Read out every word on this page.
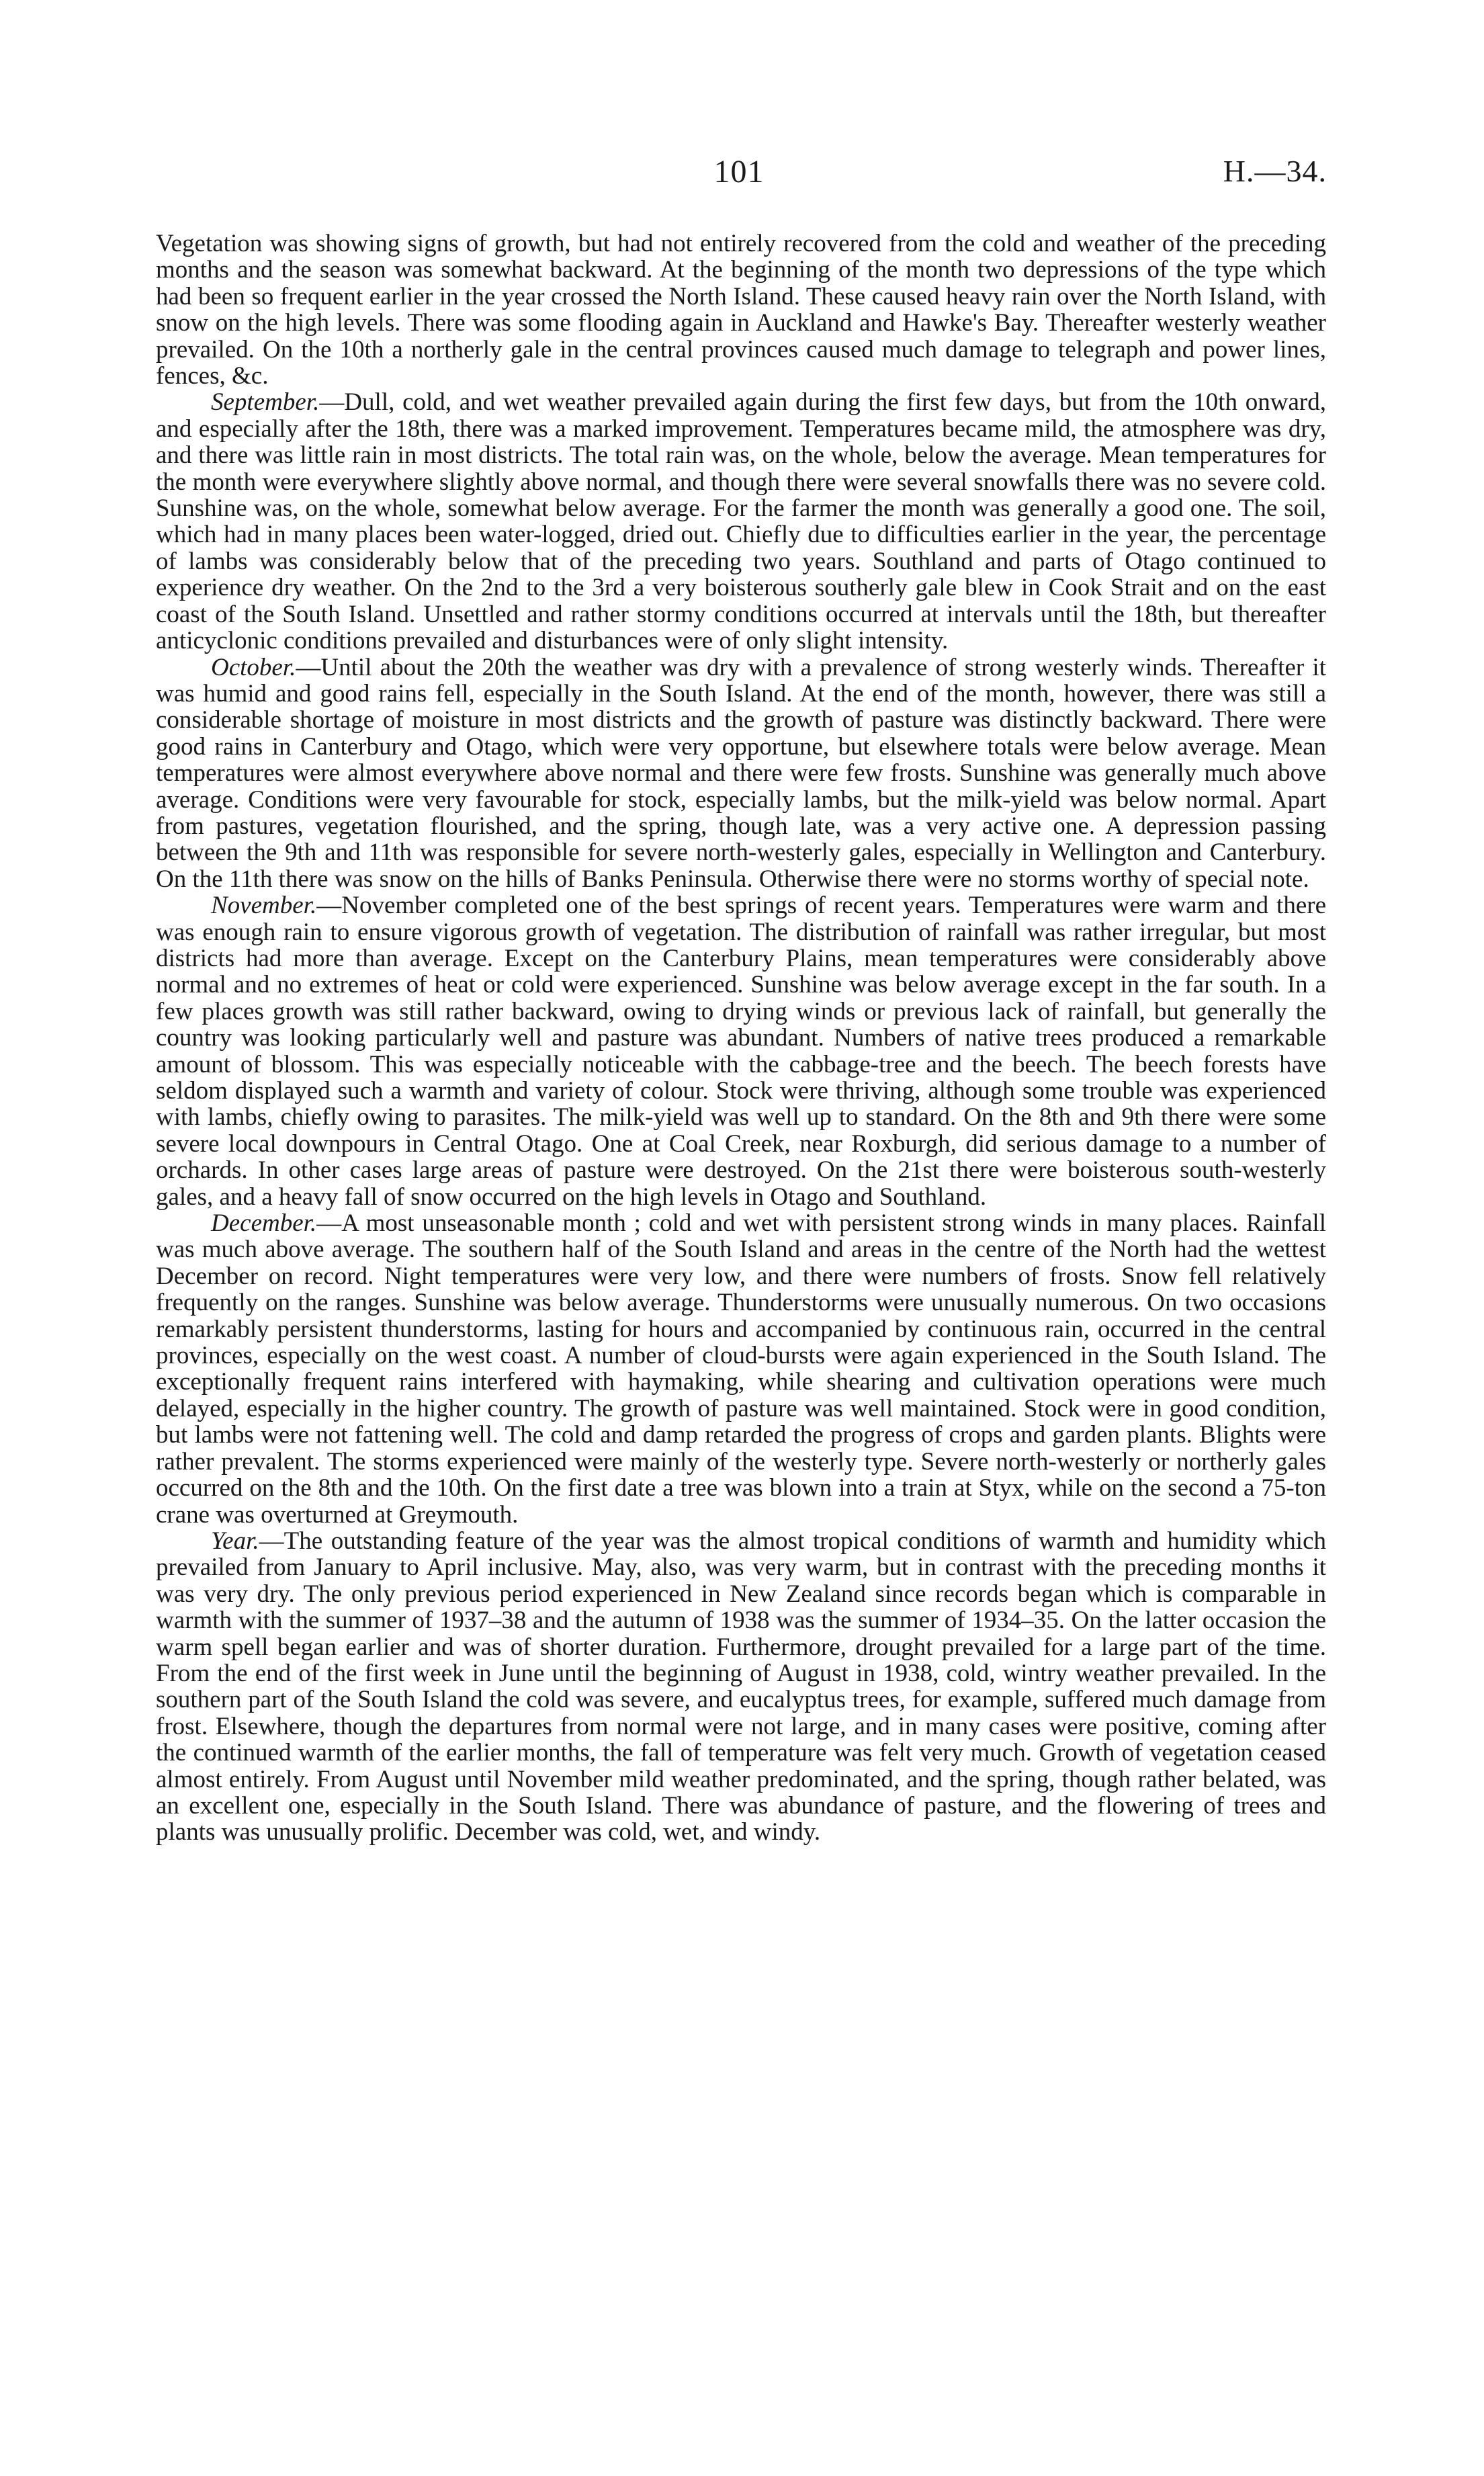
101	H.—34.

Vegetation was showing signs of growth, but had not entirely recovered from the cold and weather of the preceding months and the season was somewhat backward. At the beginning of the month two depressions of the type which had been so frequent earlier in the year crossed the North Island. These caused heavy rain over the North Island, with snow on the high levels. There was some flooding again in Auckland and Hawke's Bay. Thereafter westerly weather prevailed. On the 10th a northerly gale in the central provinces caused much damage to telegraph and power lines, fences, &c.

September.—Dull, cold, and wet weather prevailed again during the first few days, but from the 10th onward, and especially after the 18th, there was a marked improvement. Temperatures became mild, the atmosphere was dry, and there was little rain in most districts. The total rain was, on the whole, below the average. Mean temperatures for the month were everywhere slightly above normal, and though there were several snowfalls there was no severe cold. Sunshine was, on the whole, somewhat below average. For the farmer the month was generally a good one. The soil, which had in many places been water-logged, dried out. Chiefly due to difficulties earlier in the year, the percentage of lambs was considerably below that of the preceding two years. Southland and parts of Otago continued to experience dry weather. On the 2nd to the 3rd a very boisterous southerly gale blew in Cook Strait and on the east coast of the South Island. Unsettled and rather stormy conditions occurred at intervals until the 18th, but thereafter anticyclonic conditions prevailed and disturbances were of only slight intensity.

October.—Until about the 20th the weather was dry with a prevalence of strong westerly winds. Thereafter it was humid and good rains fell, especially in the South Island. At the end of the month, however, there was still a considerable shortage of moisture in most districts and the growth of pasture was distinctly backward. There were good rains in Canterbury and Otago, which were very opportune, but elsewhere totals were below average. Mean temperatures were almost everywhere above normal and there were few frosts. Sunshine was generally much above average. Conditions were very favourable for stock, especially lambs, but the milk-yield was below normal. Apart from pastures, vegetation flourished, and the spring, though late, was a very active one. A depression passing between the 9th and 11th was responsible for severe north-westerly gales, especially in Wellington and Canterbury. On the 11th there was snow on the hills of Banks Peninsula. Otherwise there were no storms worthy of special note.

November.—November completed one of the best springs of recent years. Temperatures were warm and there was enough rain to ensure vigorous growth of vegetation. The distribution of rainfall was rather irregular, but most districts had more than average. Except on the Canterbury Plains, mean temperatures were considerably above normal and no extremes of heat or cold were experienced. Sunshine was below average except in the far south. In a few places growth was still rather backward, owing to drying winds or previous lack of rainfall, but generally the country was looking particularly well and pasture was abundant. Numbers of native trees produced a remarkable amount of blossom. This was especially noticeable with the cabbage-tree and the beech. The beech forests have seldom displayed such a warmth and variety of colour. Stock were thriving, although some trouble was experienced with lambs, chiefly owing to parasites. The milk-yield was well up to standard. On the 8th and 9th there were some severe local downpours in Central Otago. One at Coal Creek, near Roxburgh, did serious damage to a number of orchards. In other cases large areas of pasture were destroyed. On the 21st there were boisterous south-westerly gales, and a heavy fall of snow occurred on the high levels in Otago and Southland.

December.—A most unseasonable month ; cold and wet with persistent strong winds in many places. Rainfall was much above average. The southern half of the South Island and areas in the centre of the North had the wettest December on record. Night temperatures were very low, and there were numbers of frosts. Snow fell relatively frequently on the ranges. Sunshine was below average. Thunderstorms were unusually numerous. On two occasions remarkably persistent thunderstorms, lasting for hours and accompanied by continuous rain, occurred in the central provinces, especially on the west coast. A number of cloud-bursts were again experienced in the South Island. The exceptionally frequent rains interfered with haymaking, while shearing and cultivation operations were much delayed, especially in the higher country. The growth of pasture was well maintained. Stock were in good condition, but lambs were not fattening well. The cold and damp retarded the progress of crops and garden plants. Blights were rather prevalent. The storms experienced were mainly of the westerly type. Severe north-westerly or northerly gales occurred on the 8th and the 10th. On the first date a tree was blown into a train at Styx, while on the second a 75-ton crane was overturned at Greymouth.

Year.—The outstanding feature of the year was the almost tropical conditions of warmth and humidity which prevailed from January to April inclusive. May, also, was very warm, but in contrast with the preceding months it was very dry. The only previous period experienced in New Zealand since records began which is comparable in warmth with the summer of 1937–38 and the autumn of 1938 was the summer of 1934–35. On the latter occasion the warm spell began earlier and was of shorter duration. Furthermore, drought prevailed for a large part of the time. From the end of the first week in June until the beginning of August in 1938, cold, wintry weather prevailed. In the southern part of the South Island the cold was severe, and eucalyptus trees, for example, suffered much damage from frost. Elsewhere, though the departures from normal were not large, and in many cases were positive, coming after the continued warmth of the earlier months, the fall of temperature was felt very much. Growth of vegetation ceased almost entirely. From August until November mild weather predominated, and the spring, though rather belated, was an excellent one, especially in the South Island. There was abundance of pasture, and the flowering of trees and plants was unusually prolific. December was cold, wet, and windy.
